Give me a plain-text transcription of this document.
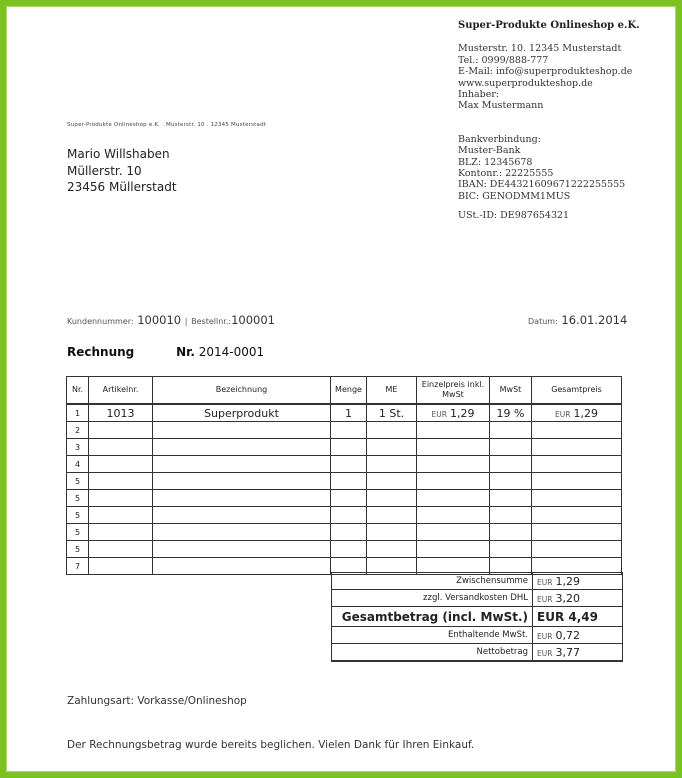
Super-Produkte Onlineshop e.K.
Musterstr. 10. 12345 Musterstadt
Tel.: 0999/888-777
E-Mail: info@superproduktеshop.de
www.superproduktеshop.de
Inhaber:
Max Mustermann
Bankverbindung:
Muster-Bank
BLZ: 12345678
Kontonr.: 22225555
IBAN: DE44321609671222255555
BIC: GENODMM1MUS
USt.-ID: DE987654321
Super-Produkte Onlineshop e.K. . Musterstr. 10 . 12345 Musterstadt
Mario Willshaben
Müllerstr. 10
23456 Müllerstadt
Kundennummer: 100010 | Bestellnr.:100001	Datum: 16.01.2014
Rechnung	Nr. 2014-0001
Nr.	Artikelnr.	Bezeichnung	Menge	ME	Einzelpreis inkl. MwSt	MwSt	Gesamtpreis
1	1013	Superprodukt	1	1 St.	EUR 1,29	19 %	EUR 1,29
2							
3							
4							
5							
5							
5							
5							
5							
7							
Zwischensumme	EUR 1,29
zzgl. Versandkosten DHL	EUR 3,20
Gesamtbetrag (incl. MwSt.)	EUR 4,49
Enthaltende MwSt.	EUR 0,72
Nettobetrag	EUR 3,77
Zahlungsart: Vorkasse/Onlineshop
Der Rechnungsbetrag wurde bereits beglichen. Vielen Dank für Ihren Einkauf.
